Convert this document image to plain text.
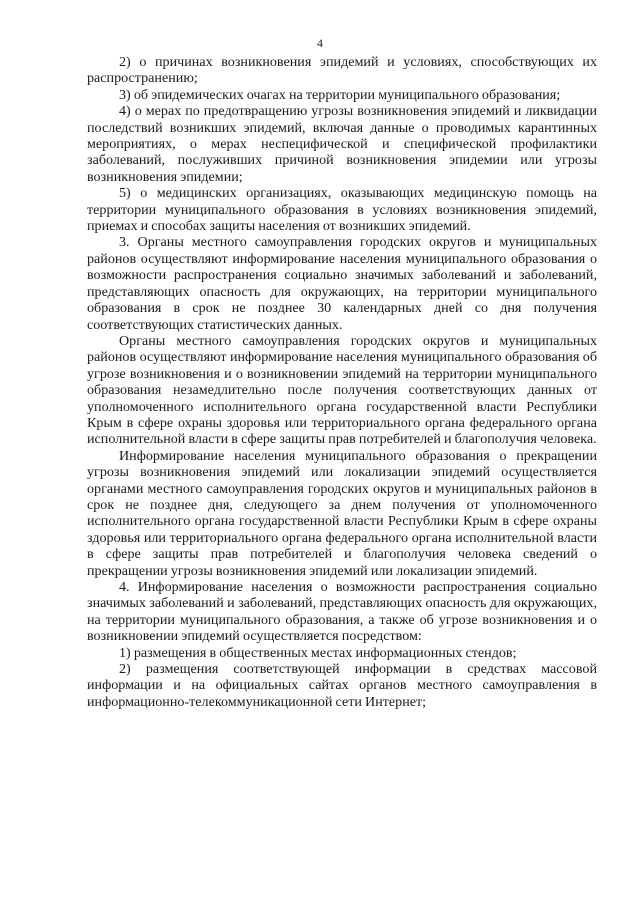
4

2) о причинах возникновения эпидемий и условиях, способствующих их распространению;

3) об эпидемических очагах на территории муниципального образования;

4) о мерах по предотвращению угрозы возникновения эпидемий и ликвидации последствий возникших эпидемий, включая данные о проводимых карантинных мероприятиях, о мерах неспецифической и специфической профилактики заболеваний, послуживших причиной возникновения эпидемии или угрозы возникновения эпидемии;

5) о медицинских организациях, оказывающих медицинскую помощь на территории муниципального образования в условиях возникновения эпидемий, приемах и способах защиты населения от возникших эпидемий.

3. Органы местного самоуправления городских округов и муниципальных районов осуществляют информирование населения муниципального образования о возможности распространения социально значимых заболеваний и заболеваний, представляющих опасность для окружающих, на территории муниципального образования в срок не позднее 30 календарных дней со дня получения соответствующих статистических данных.

Органы местного самоуправления городских округов и муниципальных районов осуществляют информирование населения муниципального образования об угрозе возникновения и о возникновении эпидемий на территории муниципального образования незамедлительно после получения соответствующих данных от уполномоченного исполнительного органа государственной власти Республики Крым в сфере охраны здоровья или территориального органа федерального органа исполнительной власти в сфере защиты прав потребителей и благополучия человека.

Информирование населения муниципального образования о прекращении угрозы возникновения эпидемий или локализации эпидемий осуществляется органами местного самоуправления городских округов и муниципальных районов в срок не позднее дня, следующего за днем получения от уполномоченного исполнительного органа государственной власти Республики Крым в сфере охраны здоровья или территориального органа федерального органа исполнительной власти в сфере защиты прав потребителей и благополучия человека сведений о прекращении угрозы возникновения эпидемий или локализации эпидемий.

4. Информирование населения о возможности распространения социально значимых заболеваний и заболеваний, представляющих опасность для окружающих, на территории муниципального образования, а также об угрозе возникновения и о возникновении эпидемий осуществляется посредством:

1) размещения в общественных местах информационных стендов;

2) размещения соответствующей информации в средствах массовой информации и на официальных сайтах органов местного самоуправления в информационно-телекоммуникационной сети Интернет;
